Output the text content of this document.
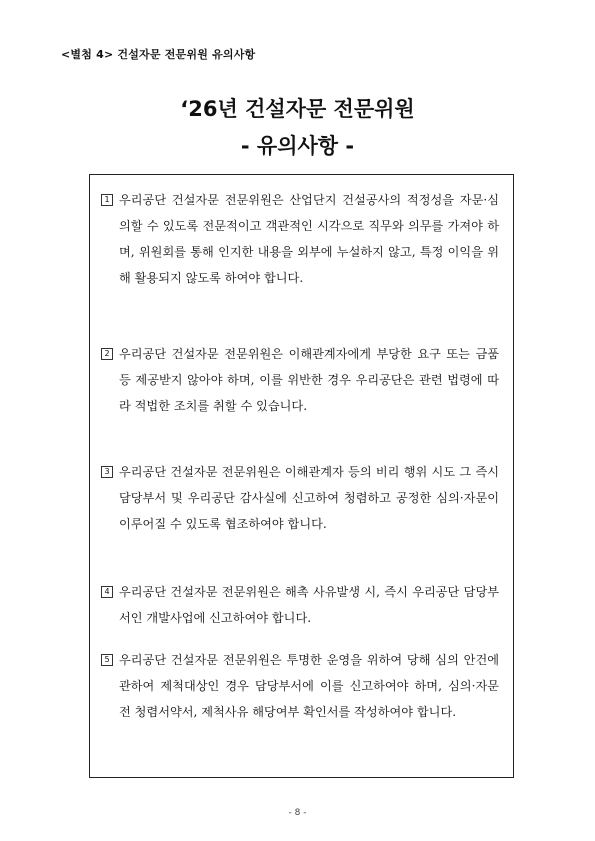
<별첨 4> 건설자문 전문위원 유의사항
‘26년 건설자문 전문위원
- 유의사항 -
1 우리공단 건설자문 전문위원은 산업단지 건설공사의 적정성을 자문·심의할 수 있도록 전문적이고 객관적인 시각으로 직무와 의무를 가져야 하며, 위원회를 통해 인지한 내용을 외부에 누설하지 않고, 특정 이익을 위해 활용되지 않도록 하여야 합니다.
2 우리공단 건설자문 전문위원은 이해관계자에게 부당한 요구 또는 금품 등 제공받지 않아야 하며, 이를 위반한 경우 우리공단은 관련 법령에 따라 적법한 조치를 취할 수 있습니다.
3 우리공단 건설자문 전문위원은 이해관계자 등의 비리 행위 시도 그 즉시 담당부서 및 우리공단 감사실에 신고하여 청렴하고 공정한 심의·자문이 이루어질 수 있도록 협조하여야 합니다.
4 우리공단 건설자문 전문위원은 해촉 사유발생 시, 즉시 우리공단 담당부서인 개발사업에 신고하여야 합니다.
5 우리공단 건설자문 전문위원은 투명한 운영을 위하여 당해 심의 안건에 관하여 제척대상인 경우 담당부서에 이를 신고하여야 하며, 심의·자문 전 청렴서약서, 제척사유 해당여부 확인서를 작성하여야 합니다.
- 8 -
